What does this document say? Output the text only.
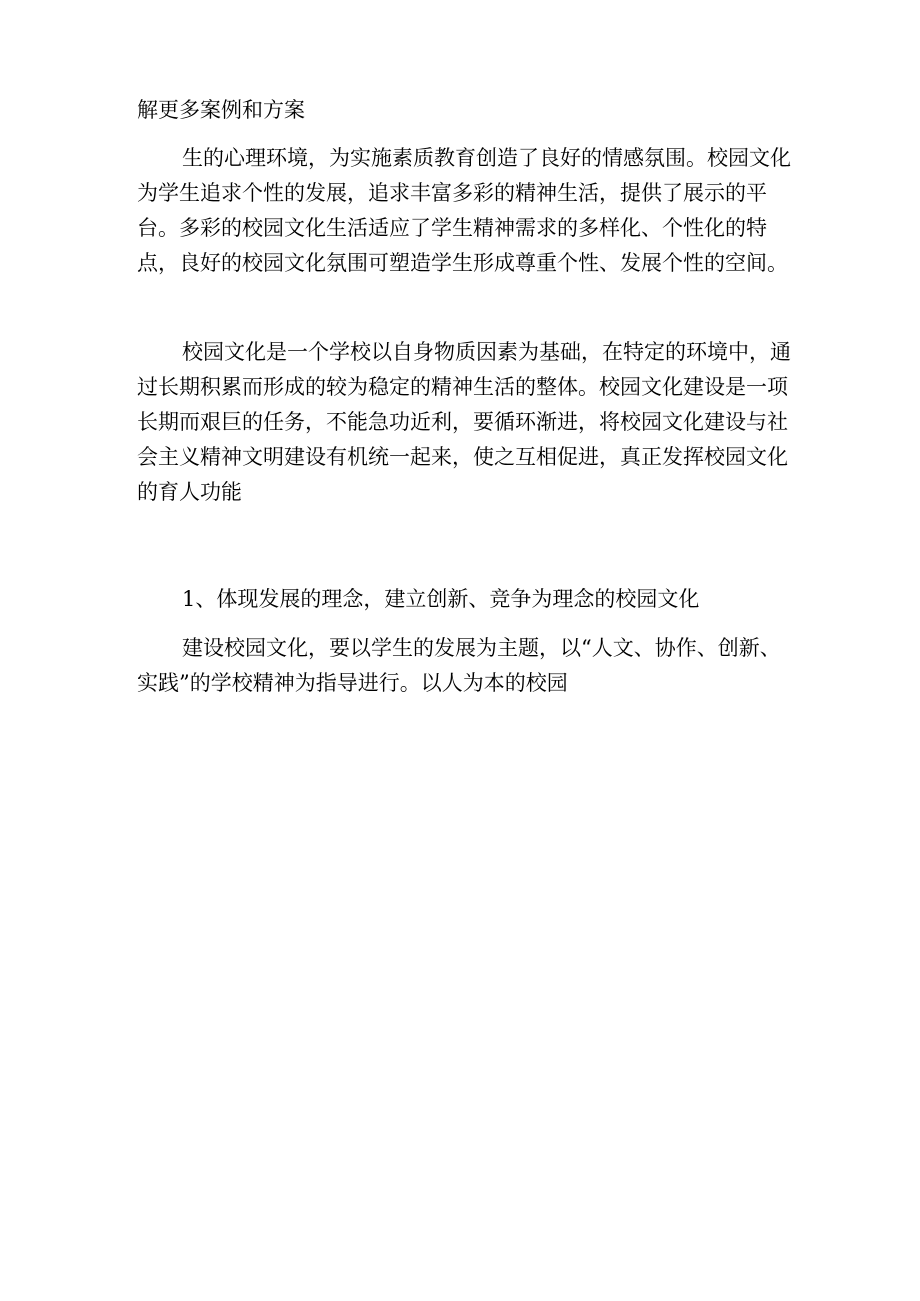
解更多案例和方案
生的心理环境，为实施素质教育创造了良好的情感氛围。校园文化
为学生追求个性的发展，追求丰富多彩的精神生活，提供了展示的平
台。多彩的校园文化生活适应了学生精神需求的多样化、个性化的特
点，良好的校园文化氛围可塑造学生形成尊重个性、发展个性的空间。
校园文化是一个学校以自身物质因素为基础，在特定的环境中，通
过长期积累而形成的较为稳定的精神生活的整体。校园文化建设是一项
长期而艰巨的任务，不能急功近利，要循环渐进，将校园文化建设与社
会主义精神文明建设有机统一起来，使之互相促进，真正发挥校园文化
的育人功能
1、体现发展的理念，建立创新、竞争为理念的校园文化
建设校园文化，要以学生的发展为主题，以“人文、协作、创新、
实践”的学校精神为指导进行。以人为本的校园
